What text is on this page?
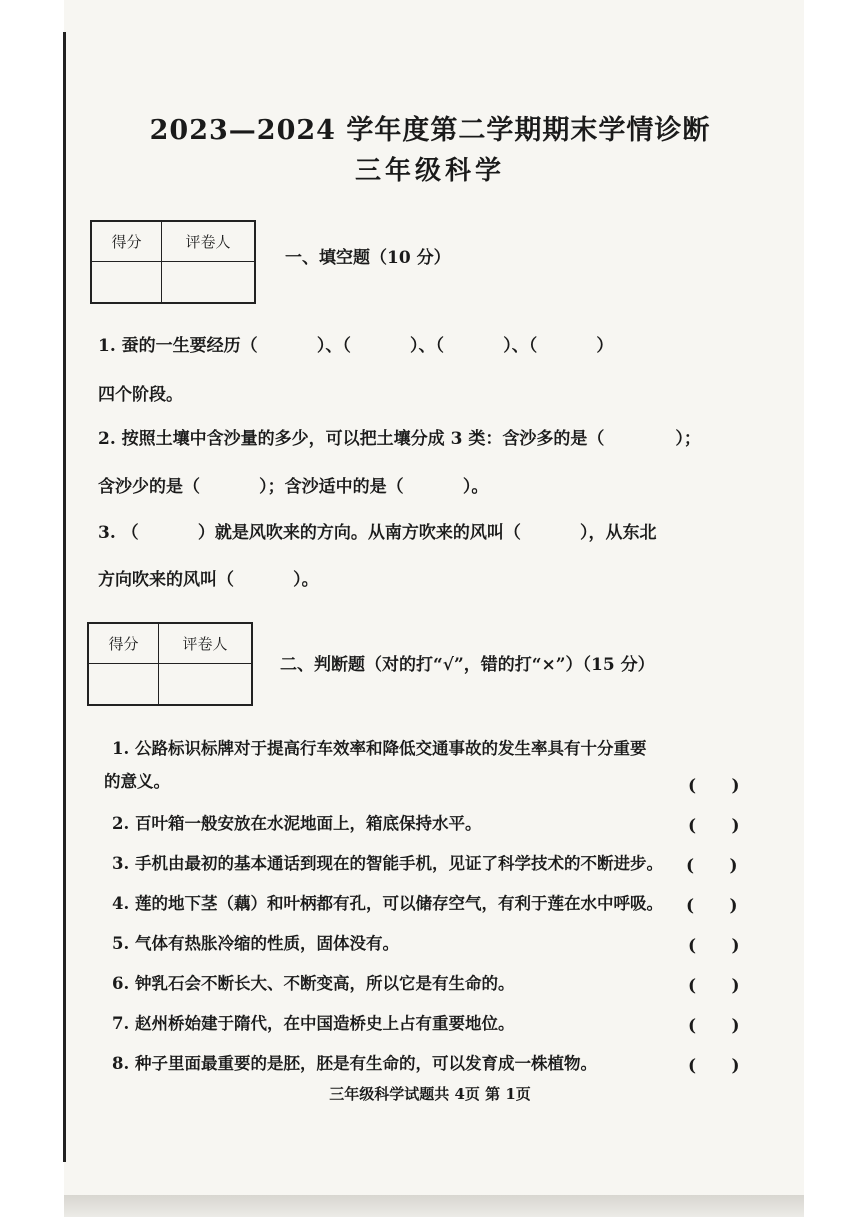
2023—2024 学年度第二学期期末学情诊断
三年级科学
得分	评卷人
一、填空题（10 分）
1. 蚕的一生要经历（          ）、（          ）、（          ）、（          ）
四个阶段。
2. 按照土壤中含沙量的多少，可以把土壤分成 3 类：含沙多的是（            ）；
含沙少的是（          ）；含沙适中的是（          ）。
3. （          ）就是风吹来的方向。从南方吹来的风叫（          ），从东北
方向吹来的风叫（          ）。
得分	评卷人
二、判断题（对的打“√”，错的打“×”）（15 分）
1. 公路标识标牌对于提高行车效率和降低交通事故的发生率具有十分重要
的意义。	(      )
2. 百叶箱一般安放在水泥地面上，箱底保持水平。	(      )
3. 手机由最初的基本通话到现在的智能手机，见证了科学技术的不断进步。 (      )
4. 莲的地下茎（藕）和叶柄都有孔，可以储存空气，有利于莲在水中呼吸。 (      )
5. 气体有热胀冷缩的性质，固体没有。	(      )
6. 钟乳石会不断长大、不断变高，所以它是有生命的。	(      )
7. 赵州桥始建于隋代，在中国造桥史上占有重要地位。	(      )
8. 种子里面最重要的是胚，胚是有生命的，可以发育成一株植物。	(      )
三年级科学试题共 4页 第 1页
